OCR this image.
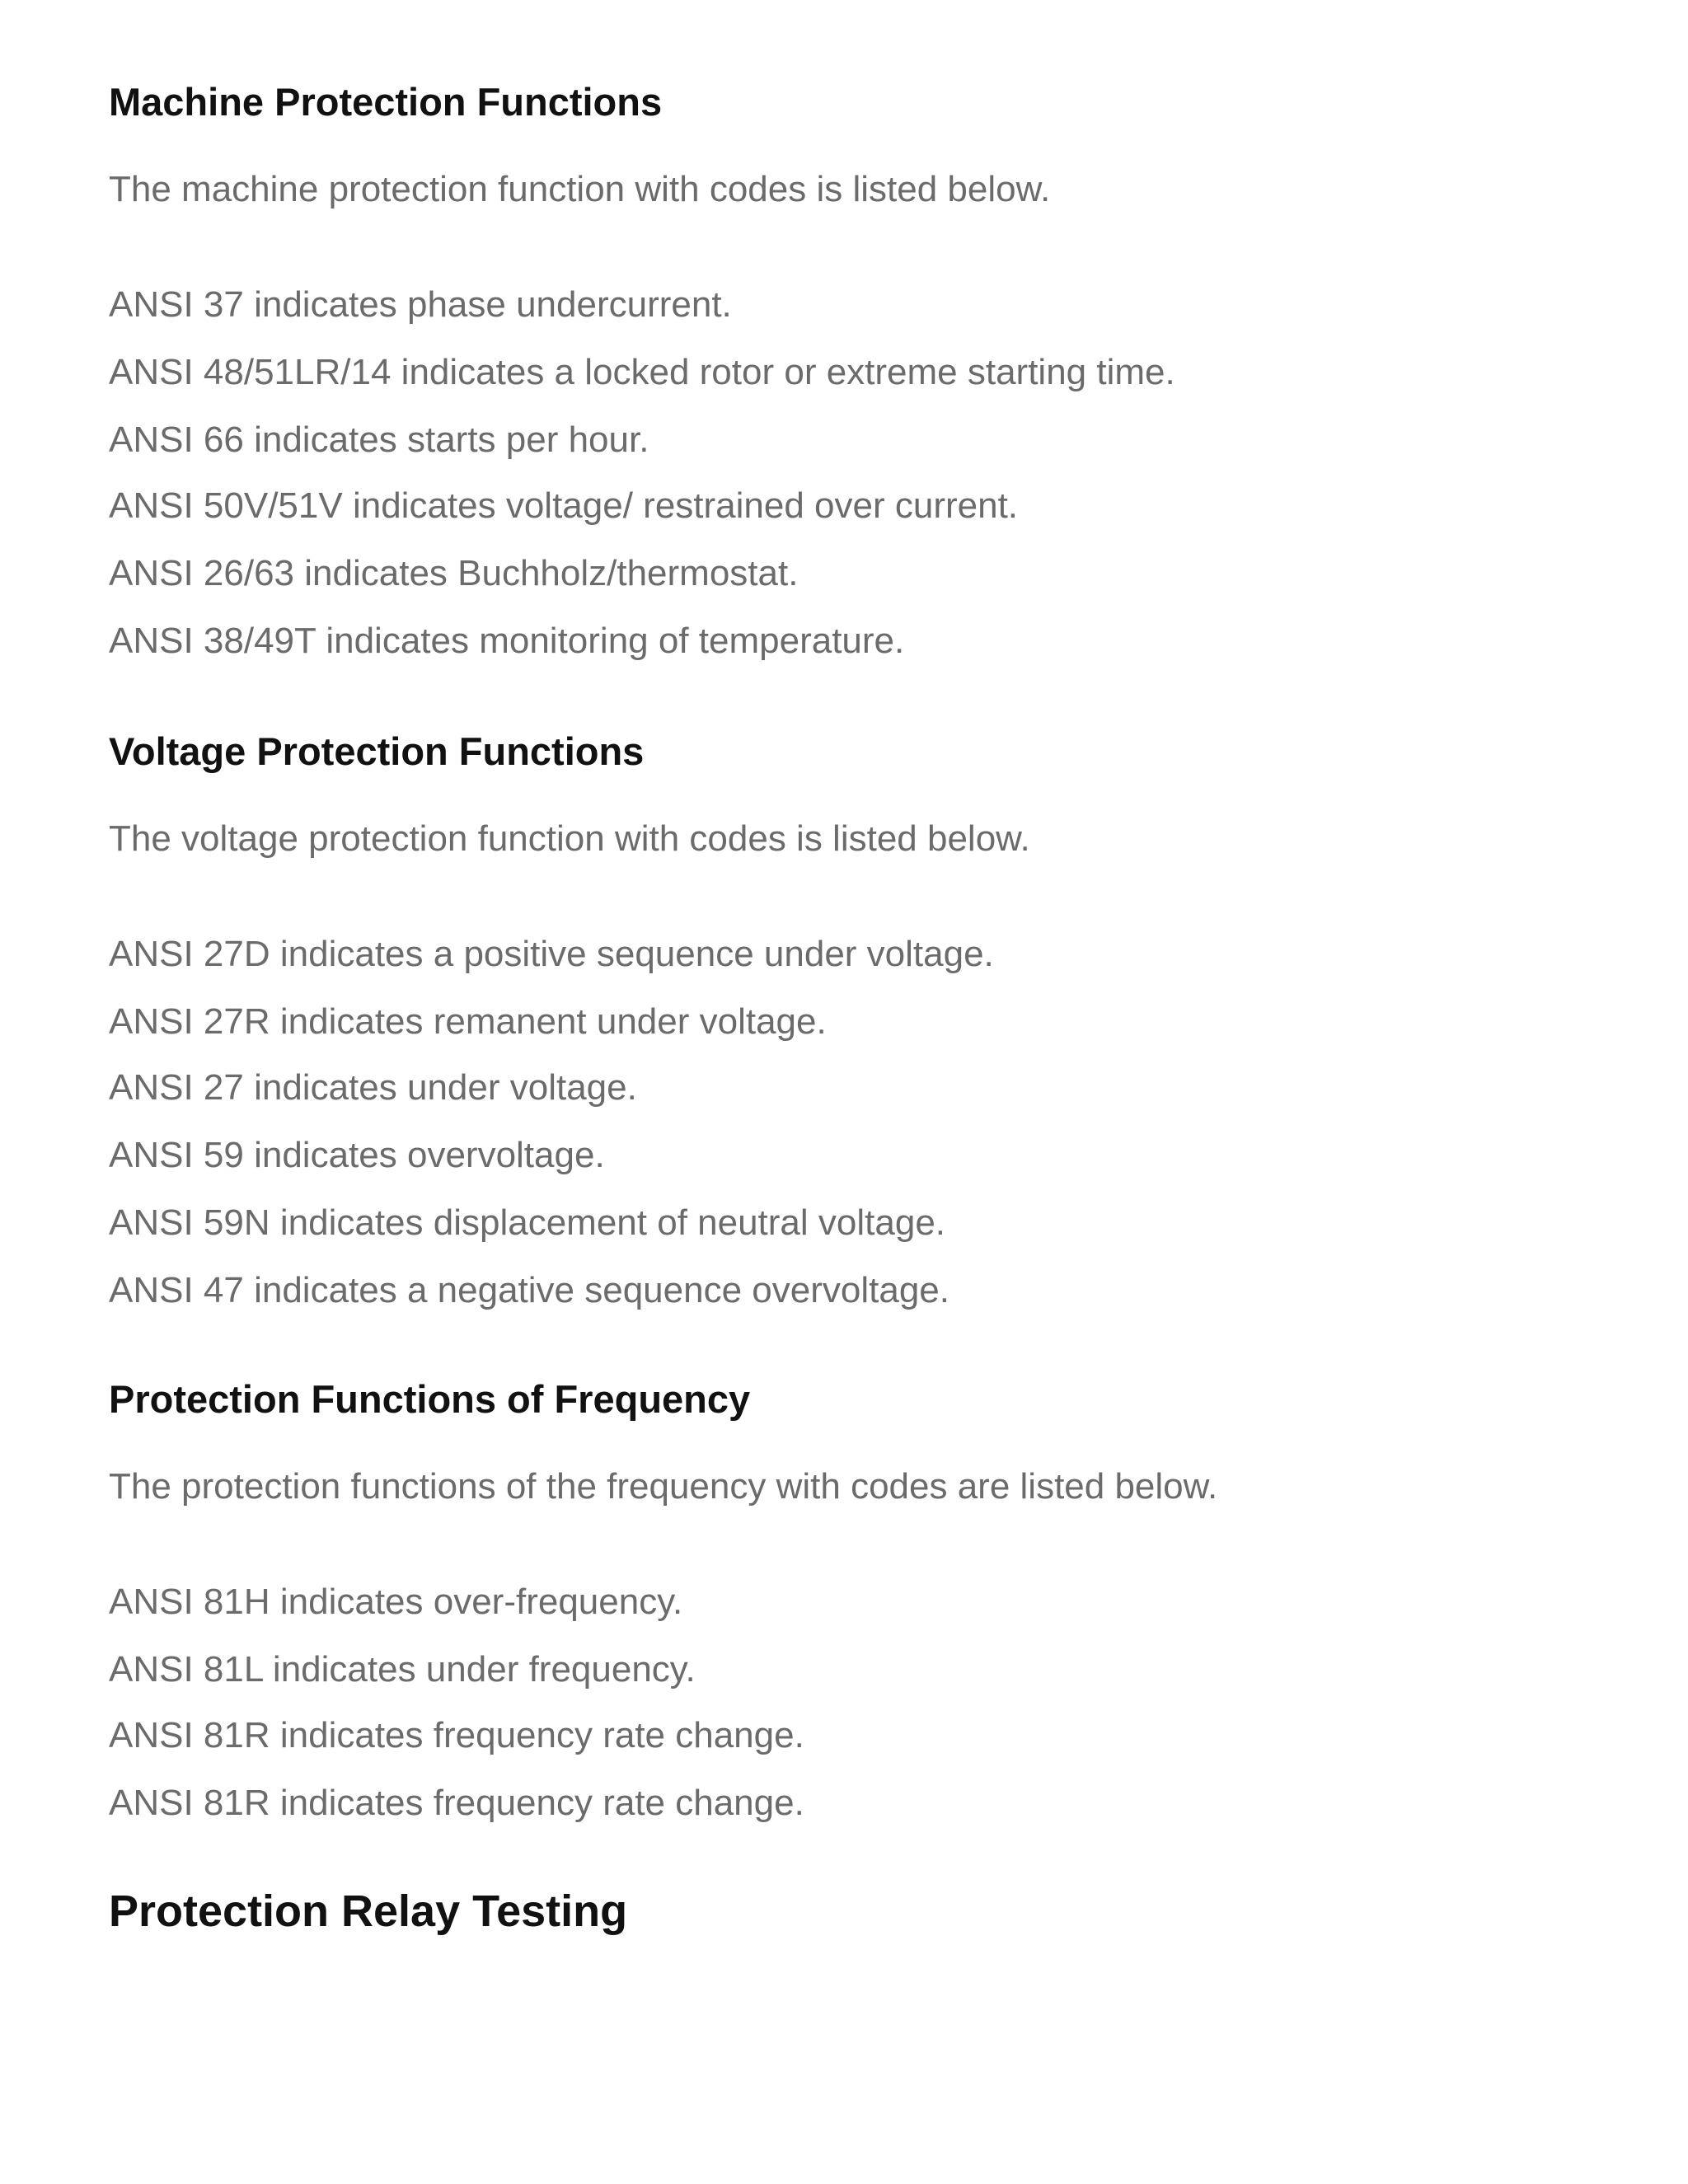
Machine Protection Functions

The machine protection function with codes is listed below.

ANSI 37 indicates phase undercurrent.

ANSI 48/51LR/14 indicates a locked rotor or extreme starting time.

ANSI 66 indicates starts per hour.

ANSI 50V/51V indicates voltage/ restrained over current.

ANSI 26/63 indicates Buchholz/thermostat.

ANSI 38/49T indicates monitoring of temperature.

Voltage Protection Functions

The voltage protection function with codes is listed below.

ANSI 27D indicates a positive sequence under voltage.

ANSI 27R indicates remanent under voltage.

ANSI 27 indicates under voltage.

ANSI 59 indicates overvoltage.

ANSI 59N indicates displacement of neutral voltage.

ANSI 47 indicates a negative sequence overvoltage.

Protection Functions of Frequency

The protection functions of the frequency with codes are listed below.

ANSI 81H indicates over-frequency.

ANSI 81L indicates under frequency.

ANSI 81R indicates frequency rate change.

ANSI 81R indicates frequency rate change.

Protection Relay Testing
